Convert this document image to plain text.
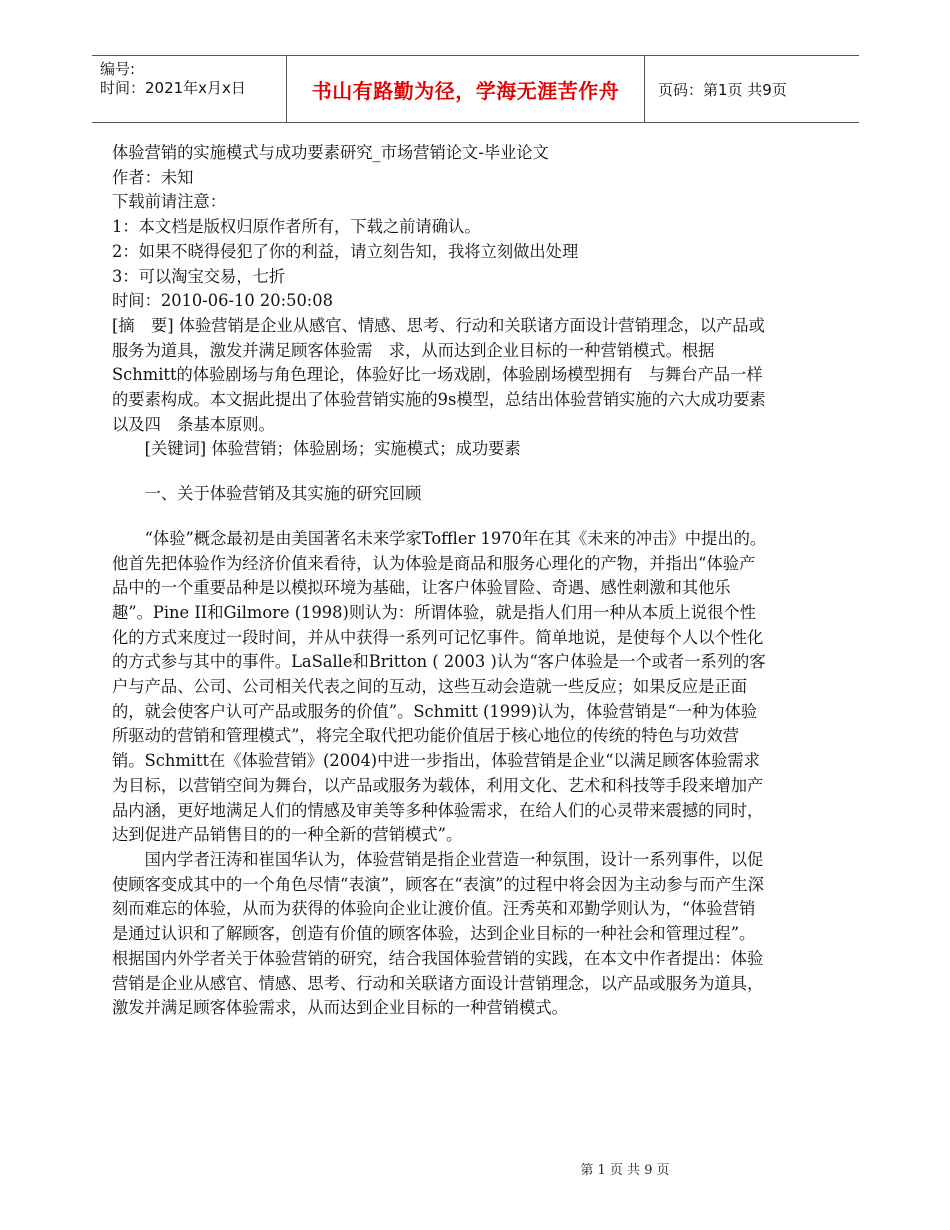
编号:
时间：2021年x月x日	书山有路勤为径，学海无涯苦作舟	页码：第1页 共9页

体验营销的实施模式与成功要素研究_市场营销论文-毕业论文

作者：未知

下载前请注意：

1：本文档是版权归原作者所有，下载之前请确认。

2：如果不晓得侵犯了你的利益，请立刻告知，我将立刻做出处理

3：可以淘宝交易，七折

时间：2010-06-10 20:50:08

[摘　要] 体验营销是企业从感官、情感、思考、行动和关联诸方面设计营销理念，以产品或服务为道具，激发并满足顾客体验需　求，从而达到企业目标的一种营销模式。根据Schmitt的体验剧场与角色理论，体验好比一场戏剧，体验剧场模型拥有　与舞台产品一样的要素构成。本文据此提出了体验营销实施的9s模型，总结出体验营销实施的六大成功要素以及四　条基本原则。

[关键词] 体验营销；体验剧场；实施模式；成功要素

一、关于体验营销及其实施的研究回顾

“体验”概念最初是由美国著名未来学家Toffler 1970年在其《未来的冲击》中提出的。他首先把体验作为经济价值来看待，认为体验是商品和服务心理化的产物，并指出“体验产品中的一个重要品种是以模拟环境为基础，让客户体验冒险、奇遇、感性刺激和其他乐趣”。Pine II和Gilmore (1998)则认为：所谓体验，就是指人们用一种从本质上说很个性化的方式来度过一段时间，并从中获得一系列可记忆事件。简单地说，是使每个人以个性化的方式参与其中的事件。LaSalle和Britton ( 2003 )认为“客户体验是一个或者一系列的客户与产品、公司、公司相关代表之间的互动，这些互动会造就一些反应；如果反应是正面的，就会使客户认可产品或服务的价值”。Schmitt (1999)认为，体验营销是“一种为体验所驱动的营销和管理模式”，将完全取代把功能价值居于核心地位的传统的特色与功效营销。Schmitt在《体验营销》(2004)中进一步指出，体验营销是企业“以满足顾客体验需求为目标，以营销空间为舞台，以产品或服务为载体，利用文化、艺术和科技等手段来增加产品内涵，更好地满足人们的情感及审美等多种体验需求，在给人们的心灵带来震撼的同时，达到促进产品销售目的的一种全新的营销模式”。

国内学者汪涛和崔国华认为，体验营销是指企业营造一种氛围，设计一系列事件，以促使顾客变成其中的一个角色尽情“表演”，顾客在“表演”的过程中将会因为主动参与而产生深刻而难忘的体验，从而为获得的体验向企业让渡价值。汪秀英和邓勤学则认为，“体验营销是通过认识和了解顾客，创造有价值的顾客体验，达到企业目标的一种社会和管理过程”。根据国内外学者关于体验营销的研究，结合我国体验营销的实践，在本文中作者提出：体验营销是企业从感官、情感、思考、行动和关联诸方面设计营销理念，以产品或服务为道具，激发并满足顾客体验需求，从而达到企业目标的一种营销模式。

第 1 页 共 9 页
